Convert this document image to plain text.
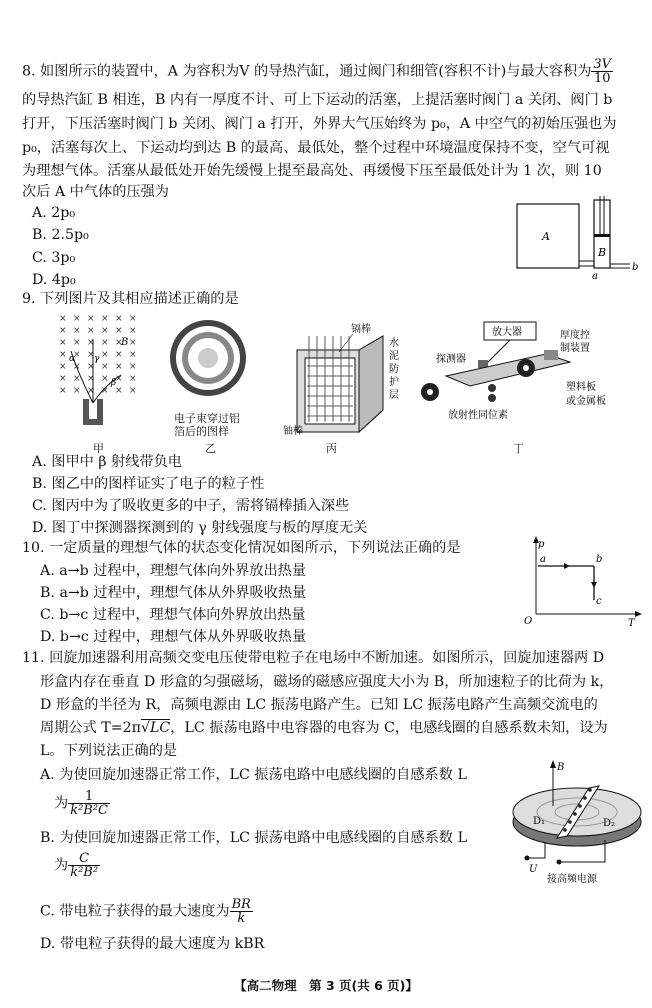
8. 如图所示的装置中，A 为容积为V 的导热汽缸，通过阀门和细管(容积不计)与最大容积为 $\frac{3V}{10}$
的导热汽缸 B 相连，B 内有一厚度不计、可上下运动的活塞，上提活塞时阀门 a 关闭、阀门 b
打开，下压活塞时阀门 b 关闭、阀门 a 打开，外界大气压始终为 p₀，A 中空气的初始压强也为
p₀，活塞每次上、下运动均到达 B 的最高、最低处，整个过程中环境温度保持不变，空气可视
为理想气体。活塞从最低处开始先缓慢上提至最高处、再缓慢下压至最低处计为 1 次，则 10
次后 A 中气体的压强为
A. 2p₀
B. 2.5p₀
C. 3p₀
D. 4p₀
A
B
a
b
9. 下列图片及其相应描述正确的是
× × × × × ×
× × × × × ×
× × × × × ×
× × × × × ×
× × × × × ×
× × × × × ×
× × × × × ×
α γ
β
B
电子束穿过铝
箔后的图样
镉棒
水
泥
防
护
层
铀棒
放大器
探测器
厚度控
制装置
放射性同位素
塑料板
或金属板
甲	乙	丙	丁
A. 图甲中 β 射线带负电
B. 图乙中的图样证实了电子的粒子性
C. 图丙中为了吸收更多的中子，需将镉棒插入深些
D. 图丁中探测器探测到的 γ 射线强度与板的厚度无关
10. 一定质量的理想气体的状态变化情况如图所示，下列说法正确的是
A. a→b 过程中，理想气体向外界放出热量
B. a→b 过程中，理想气体从外界吸收热量
C. b→c 过程中，理想气体向外界放出热量
D. b→c 过程中，理想气体从外界吸收热量
p
T
O
a	b
c
11. 回旋加速器利用高频交变电压使带电粒子在电场中不断加速。如图所示，回旋加速器两 D
形盒内存在垂直 D 形盒的匀强磁场，磁场的磁感应强度大小为 B，所加速粒子的比荷为 k，
D 形盒的半径为 R，高频电源由 LC 振荡电路产生。已知 LC 振荡电路产生高频交流电的
周期公式 T=2π√LC，LC 振荡电路中电容器的电容为 C，电感线圈的自感系数未知，设为
L。下列说法正确的是
A. 为使回旋加速器正常工作，LC 振荡电路中电感线圈的自感系数 L
为 $\frac{1}{\text{k²B²C}}$
B. 为使回旋加速器正常工作，LC 振荡电路中电感线圈的自感系数 L
为 $\frac{C}{\text{k²B²}}$
C. 带电粒子获得的最大速度为 $\frac{BR}{k}$
D. 带电粒子获得的最大速度为 kBR
B
D₁	D₂
U
接高频电源
【高二物理　第 3 页(共 6 页)】
